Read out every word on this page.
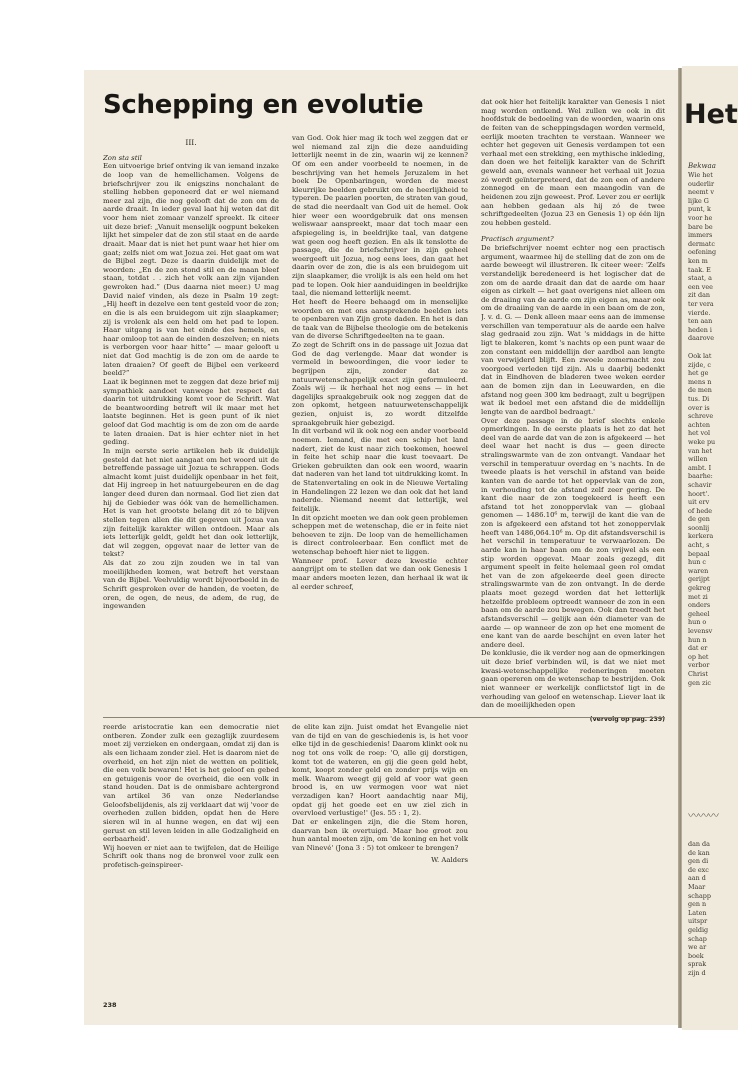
Het
Bekwaa
Wie het
ouderlir
neemt v
lijke G
punt, k
voor he
bare be
immers
dermatc
oefening
ken m
taak. E
staat, a
een vee
zit dan
ter vera
vierde.
ten aan
heden i
daarove
Ook lat
zijde, c
het ge
mens n
de men
tus. Di
over is
schreve
achten
het vol
weke pu
van het
willen
ambt. I
baarhe:
schavir
hoort'.
uit erv
of hede
de gen
soonlij
kerkera
acht, s
bepaal
hun c
waren
gerijpt
gekreg
met zi
onders
geheel
hun o
levensv
hun n
dat er
op het
verbor
Christ
gen zic
〰〰〰
dan da
de kan
gen di
de exc
aan d
Maar
schapp
gen n
Laten
uitspr
geldig
schap
we ar
boek
sprak
zijn d
Schepping en evolutie

III.

Zon sta stil

Een uitvoerige brief ontving ik van iemand inzake de loop van de hemellichamen. Volgens de briefschrijver zou ik enigszins nonchalant de stelling hebben geponeerd dat er wel niemand meer zal zijn, die nog gelooft dat de zon om de aarde draait. In ieder geval laat hij weten dat dit voor hem niet zomaar vanzelf spreekt. Ik citeer uit deze brief: „Vanuit menselijk oogpunt bekeken lijkt het simpeler dat de zon stil staat en de aarde draait. Maar dat is niet het punt waar het hier om gaat; zelfs niet om wat Jozua zei. Het gaat om wat de Bijbel zegt. Deze is daarin duidelijk met de woorden: „En de zon stond stil en de maan bleef staan, totdat . . zich het volk aan zijn vijanden gewroken had.” (Dus daarna niet meer.) U mag David naief vinden, als deze in Psalm 19 zegt: „Hij heeft in dezelve een tent gesteld voor de zon; en die is als een bruidegom uit zijn slaapkamer; zij is vrolenk als een held om het pad te lopen. Haar uitgang is van het einde des hemels, en haar omloop tot aan de einden deszelven; en niets is verborgen voor haar hitte” — maar gelooft u niet dat God machtig is de zon om de aarde te laten draaien? Of geeft de Bijbel een verkeerd beeld?”
Laat ik beginnen met te zeggen dat deze brief mij sympathiek aandoet vanwege het respect dat daarin tot uitdrukking komt voor de Schrift. Wat de beantwoording betreft wil ik maar met het laatste beginnen. Het is geen punt of ik niet geloof dat God machtig is om de zon om de aarde te laten draaien. Dat is hier echter niet in het geding.
In mijn eerste serie artikelen heb ik duidelijk gesteld dat het niet aangaat om het woord uit de betreffende passage uit Jozua te schrappen. Gods almacht komt juist duidelijk openbaar in het feit, dat Hij ingreep in het natuurgebeuren en de dag langer deed duren dan normaal. God liet zien dat hij de Gebieder was óók van de hemellichamen. Het is van het grootste belang dit zó te blijven stellen tegen allen die dit gegeven uit Jozua van zijn feitelijk karakter willen ontdoen. Maar als iets letterlijk geldt, geldt het dan ook letterlijk, dat wil zeggen, opgevat naar de letter van de tekst?
Als dat zo zou zijn zouden we in tal van moeilijkheden komen, wat betreft het verstaan van de Bijbel. Veelvuldig wordt bijvoorbeeld in de Schrift gesproken over de handen, de voeten, de oren, de ogen, de neus, de adem, de rug, de ingewanden

van God. Ook hier mag ik toch wel zeggen dat er wel niemand zal zijn die deze aanduiding letterlijk neemt in de zin, waarin wij ze kennen? Of om een ander voorbeeld te noemen, in de beschrijving van het hemels Jeruzalem in het boek De Openbaringen, worden de meest kleurrijke beelden gebruikt om de heerlijkheid te typeren. De paarlen poorten, de straten van goud, de stad die neerdaalt van God uit de hemel. Ook hier weer een woordgebruik dat ons mensen weliswaar aanspreekt, maar dat toch maar een afspiegeling is, in beeldrijke taal, van datgene wat geen oog heeft gezien. En als ik tenslotte de passage, die de briefschrijver in zijn geheel weergeeft uit Jozua, nog eens lees, dan gaat het daarin over de zon, die is als een bruidegom uit zijn slaapkamer, die vrolijk is als een held om het pad te lopen. Ook hier aanduidingen in beeldrijke taal, die niemand letterlijk neemt.
Het heeft de Heere behaagd om in menselijke woorden en met ons aansprekende beelden iets te openbaren van Zijn grote daden. En het is dan de taak van de Bijbelse theologie om de betekenis van de diverse Schriftgedeelten na te gaan.
Zo zegt de Schrift ons in de passage uit Jozua dat God de dag verlengde. Maar dat wonder is vermeld in bewoordingen, die voor ieder te begrijpen zijn, zonder dat ze natuurwetenschappelijk exact zijn geformuleerd. Zoals wij — ik herhaal het nog eens — in het dagelijks spraakgebruik ook nog zeggen dat de zon opkomt, hetgeen natuurwetenschappelijk gezien, onjuist is, zo wordt ditzelfde spraakgebruik hier gebezigd.
In dit verband wil ik ook nog een ander voorbeeld noemen. Iemand, die met een schip het land nadert, ziet de kust naar zich toekomen, hoewel in feite het schip naar die kust toevaart. De Grieken gebruikten dan ook een woord, waarin dat naderen van het land tot uitdrukking komt. In de Statenvertaling en ook in de Nieuwe Vertaling in Handelingen 22 lezen we dan ook dat het land naderde. Niemand neemt dat letterlijk, wel feitelijk.
In dit opzicht moeten we dan ook geen problemen scheppen met de wetenschap, die er in feite niet behoeven te zijn. De loop van de hemellichamen is direct controleerbaar. Een conflict met de wetenschap behoeft hier niet te liggen.
Wanneer prof. Lever deze kwestie echter aangrijpt om te stellen dat we dan ook Genesis 1 maar anders moeten lezen, dan herhaal ik wat ik al eerder schreef,

dat ook hier het feitelijk karakter van Genesis 1 niet mag worden ontkend. Wel zullen we ook in dit hoofdstuk de bedoeling van de woorden, waarin ons de feiten van de scheppingsdagen worden vermeld, eerlijk moeten trachten te verstaan. Wanneer we echter het gegeven uit Genesis verdampen tot een verhaal met een strekking, een mythische inkleding, dan doen we het feitelijk karakter van de Schrift geweld aan, evenals wanneer het verhaal uit Jozua zó wordt geïnterpreteerd, dat de zon een of andere zonnegod en de maan een maangodin van de heidenen zou zijn geweest. Prof. Lever zou er eerlijk aan hebben gedaan als hij zó de twee schriftgedeelten (Jozua 23 en Genesis 1) op één lijn zou hebben gesteld.

Practisch argument?

De briefschrijver noemt echter nog een practisch argument, waarmee hij de stelling dat de zon om de aarde beweegt wil illustreren. Ik citeer weer: 'Zelfs verstandelijk beredeneerd is het logischer dat de zon om de aarde draait dan dat de aarde om haar eigen as cirkelt — het gaat overigens niet alleen om de draaiing van de aarde om zijn eigen as, maar ook om de draaiing van de aarde in een baan om de zon, J. v. d. G. — Denk alleen maar eens aan de immense verschillen van temperatuur als de aarde een halve slag gedraaid zou zijn. Wat 's middags in de hitte ligt te blakeren, komt 's nachts op een punt waar de zon constant een middellijn der aardbol aan lengte van verwijderd blijft. Een zwoele zomernacht zou voorgoed verleden tijd zijn. Als u daarbij bedenkt dat in Eindhoven de bladeren twee weken eerder aan de bomen zijn dan in Leeuwarden, en die afstand nog geen 300 km bedraagt, zult u begrijpen wat ik bedoel met een afstand die de middellijn lengte van de aardbol bedraagt.'
Over deze passage in de brief slechts enkele opmerkingen. In de eerste plaats is het zo dat het deel van de aarde dat van de zon is afgekeerd — het deel waar het nacht is dus — geen directe stralingswarmte van de zon ontvangt. Vandaar het verschil in temperatuur overdag en 's nachts. In de tweede plaats is het verschil in afstand van beide kanten van de aarde tot het oppervlak van de zon, in verhouding tot de afstand zelf zeer gering. De kant die naar de zon toegekeerd is heeft een afstand tot het zonoppervlak van — globaal genomen — 1486.10⁶ m, terwijl de kant die van de zon is afgekeerd een afstand tot het zonoppervlak heeft van 1486,064.10⁶ m. Op dit afstandsverschil is het verschil in temperatuur te verwaarlozen. De aarde kan in haar baan om de zon vrijwel als een stip worden opgevat. Maar zoals gezegd, dit argument speelt in feite helemaal geen rol omdat het van de zon afgekeerde deel geen directe stralingswarmte van de zon ontvangt. In de derde plaats moet gezegd worden dat het letterlijk hetzelfde probleem optreedt wanneer de zon in een baan om de aarde zou bewegen. Ook dan treedt het afstandsverschil — gelijk aan één diameter van de aarde — op wanneer de zon op het ene moment de ene kant van de aarde beschijnt en even later het andere deel.
De konklusie, die ik verder nog aan de opmerkingen uit deze brief verbinden wil, is dat we niet met kwasi-wetenschappelijke redeneringen moeten gaan opereren om de wetenschap te bestrijden. Ook niet wanneer er werkelijk conflictstof ligt in de verhouding van geloof en wetenschap. Liever laat ik dan de moeilijkheden open

(vervolg op pag. 239)

reerde aristocratie kan een democratie niet ontberen. Zonder zulk een gezaglijk zuurdesem moet zij verzieken en ondergaan, omdat zij dan is als een lichaam zonder ziel. Het is daarom niet de overheid, en het zijn niet de wetten en politiek, die een volk bewaren! Het is het geloof en gebed en getuigenis voor de overheid, die een volk in stand houden. Dat is de onmisbare achtergrond van artikel 36 van onze Nederlandse Geloofsbelijdenis, als zij verklaart dat wij 'voor de overheden zullen bidden, opdat hen de Here sieren wil in al hunne wegen, en dat wij een gerust en stil leven leiden in alle Godzaligheid en eerbaarheid'.
Wij hoeven er niet aan te twijfelen, dat de Heilige Schrift ook thans nog de bronwel voor zulk een profetisch-geinspireer-

de elite kan zijn. Juist omdat het Evangelie niet van de tijd en van de geschiedenis is, is het voor elke tijd in de geschiedenis! Daarom klinkt ook nu nog tot ons volk de roep: 'O, alle gij dorstigen, komt tot de wateren, en gij die geen geld hebt, komt, koopt zonder geld en zonder prijs wijn en melk. Waarom weegt gij geld af voor wat geen brood is, en uw vermogen voor wat niet verzadigen kan? Hoort aandachtig naar Mij, opdat gij het goede eet en uw ziel zich in overvloed verlustige!' (Jes. 55 : 1, 2).
Dat er enkelingen zijn, die die Stem horen, daarvan ben ik overtuigd. Maar hoe groot zou hun aantal moeten zijn, om 'de koning en het volk van Ninevé' (Jona 3 : 5) tot omkeer te brengen?

W. Aalders

238
